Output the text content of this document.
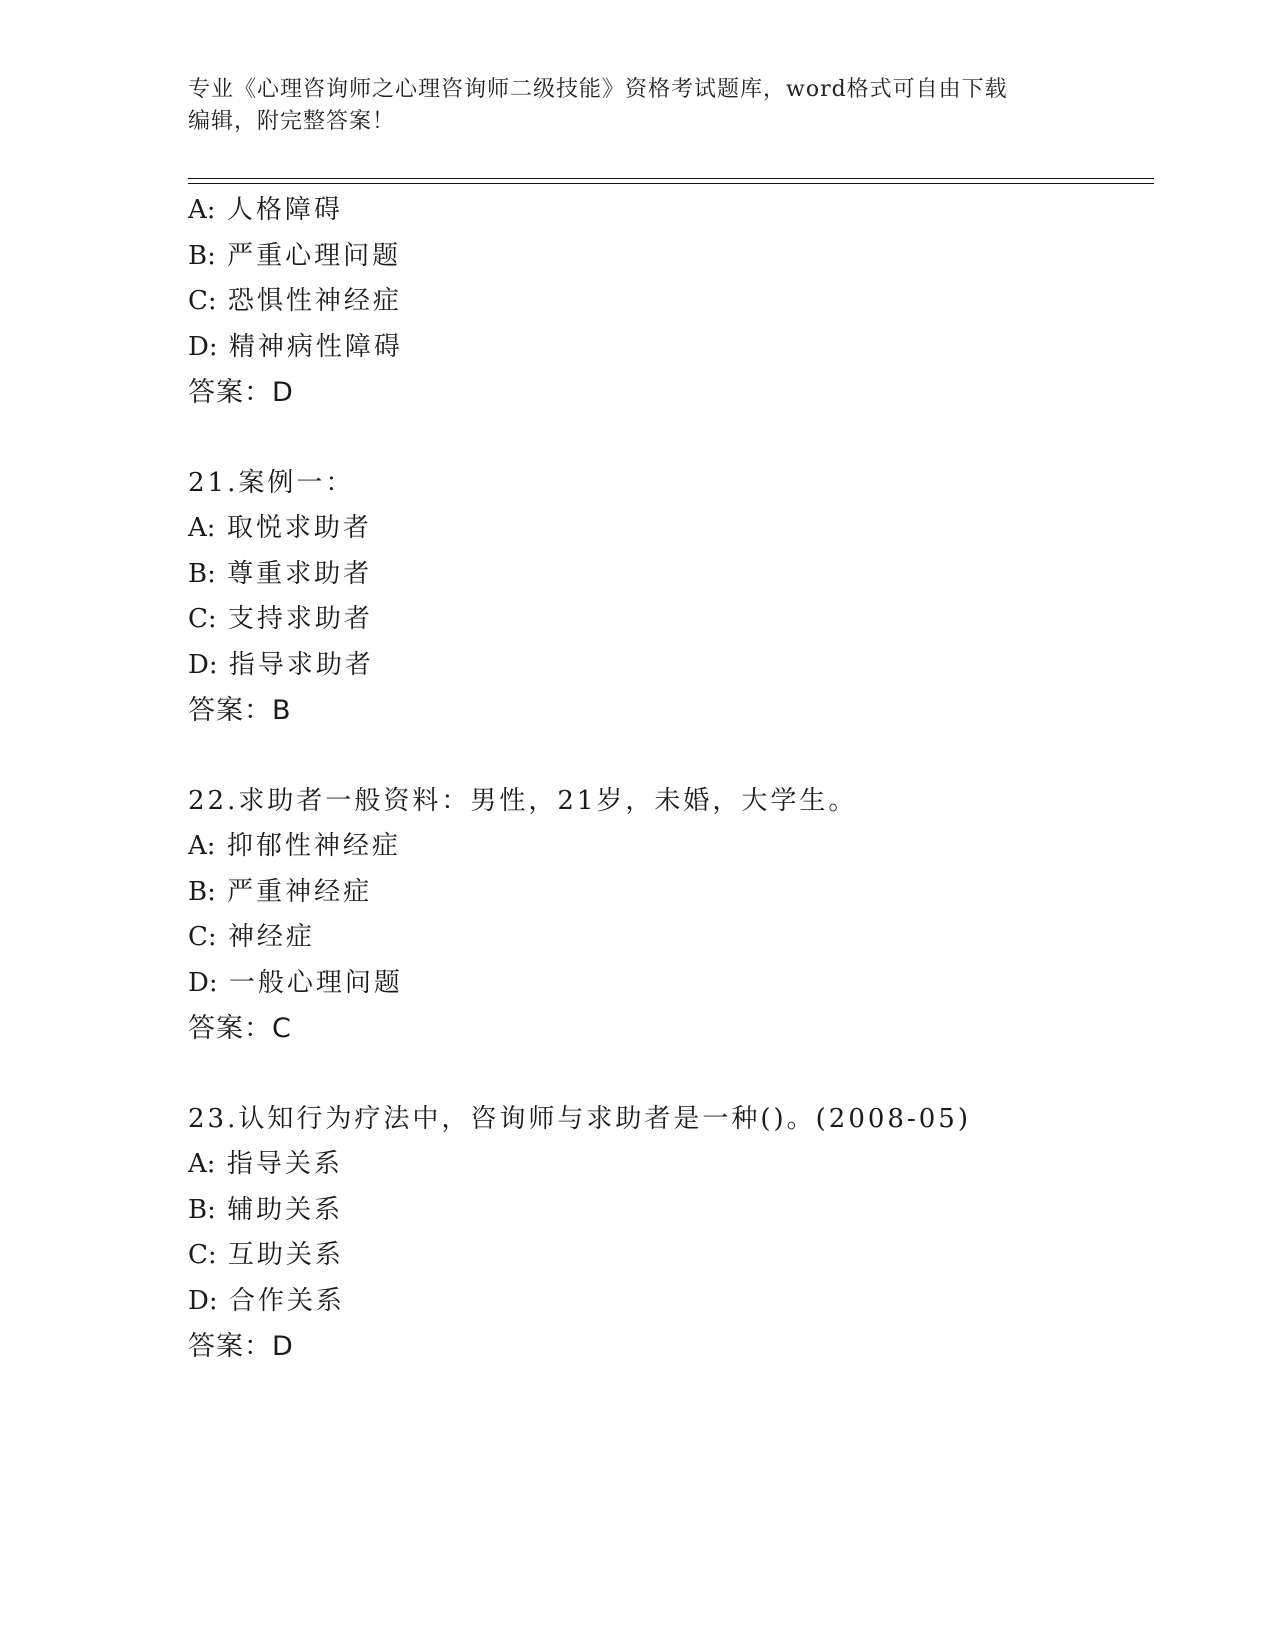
专业《心理咨询师之心理咨询师二级技能》资格考试题库，word格式可自由下载
编辑，附完整答案！
A: 人格障碍
B: 严重心理问题
C: 恐惧性神经症
D: 精神病性障碍
答案：D
21.案例一：
A: 取悦求助者
B: 尊重求助者
C: 支持求助者
D: 指导求助者
答案：B
22.求助者一般资料：男性，21岁，未婚，大学生。
A: 抑郁性神经症
B: 严重神经症
C: 神经症
D: 一般心理问题
答案：C
23.认知行为疗法中，咨询师与求助者是一种()。(2008-05)
A: 指导关系
B: 辅助关系
C: 互助关系
D: 合作关系
答案：D
